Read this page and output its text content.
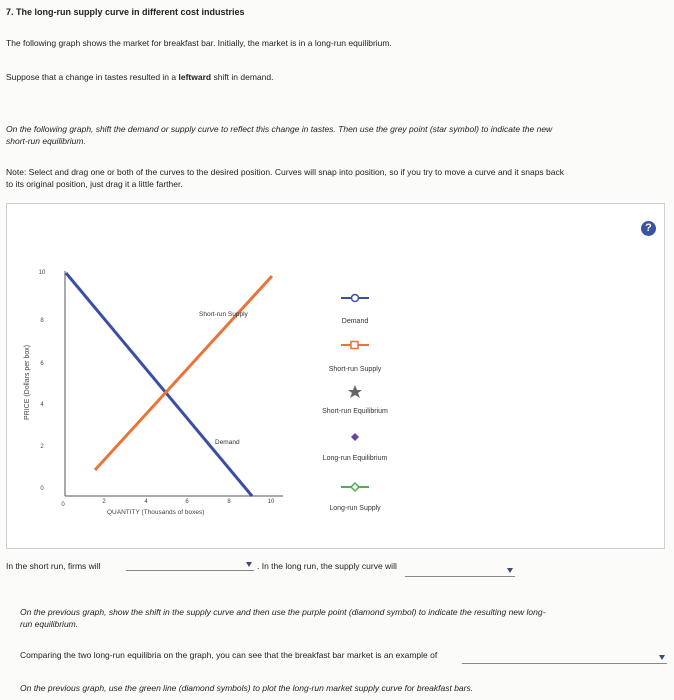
7. The long-run supply curve in different cost industries
The following graph shows the market for breakfast bar. Initially, the market is in a long-run equilibrium.
Suppose that a change in tastes resulted in a leftward shift in demand.
On the following graph, shift the demand or supply curve to reflect this change in tastes. Then use the grey point (star symbol) to indicate the new
short-run equilibrium.
Note: Select and drag one or both of the curves to the desired position. Curves will snap into position, so if you try to move a curve and it snaps back
to its original position, just drag it a little farther.
?
PRICE (Dollars per box)
10
8
6
4
2
0
0	2	4	6	8	10
QUANTITY (Thousands of boxes)
Short-run Supply
Demand
Demand
Short-run Supply
Short-run Equilibrium
Long-run Equilibrium
Long-run Supply
In the short run, firms will	. In the long run, the supply curve will
On the previous graph, show the shift in the supply curve and then use the purple point (diamond symbol) to indicate the resulting new long-
run equilibrium.
Comparing the two long-run equilibria on the graph, you can see that the breakfast bar market is an example of
On the previous graph, use the green line (diamond symbols) to plot the long-run market supply curve for breakfast bars.
